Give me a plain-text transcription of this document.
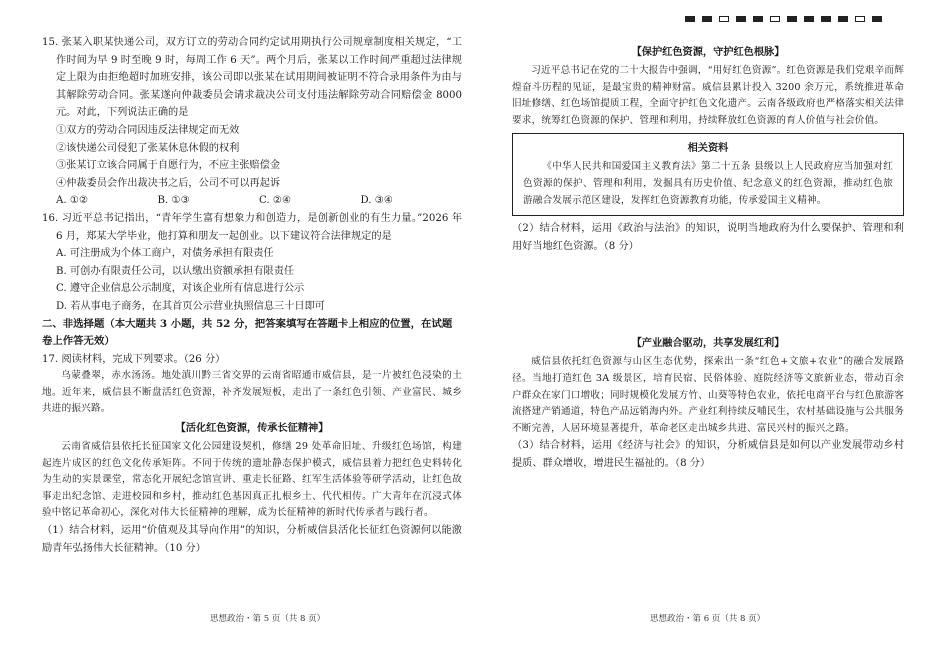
15. 张某入职某快递公司，双方订立的劳动合同约定试用期执行公司规章制度相关规定，“工作时间为早 9 时至晚 9 时，每周工作 6 天”。两个月后，张某以工作时间严重超过法律规定上限为由拒绝超时加班安排，该公司即以张某在试用期间被证明不符合录用条件为由与其解除劳动合同。张某遂向仲裁委员会请求裁决公司支付违法解除劳动合同赔偿金 8000 元。对此，下列说法正确的是

①双方的劳动合同因违反法律规定而无效

②该快递公司侵犯了张某休息休假的权利

③张某订立该合同属于自愿行为，不应主张赔偿金

④仲裁委员会作出裁决书之后，公司不可以再起诉

A. ①②	B. ①③	C. ②④	D. ③④

16. 习近平总书记指出，“青年学生富有想象力和创造力，是创新创业的有生力量。”2026 年 6 月，郑某大学毕业，他打算和朋友一起创业。以下建议符合法律规定的是

A. 可注册成为个体工商户，对债务承担有限责任

B. 可创办有限责任公司，以认缴出资额承担有限责任

C. 遵守企业信息公示制度，对该企业所有信息进行公示

D. 若从事电子商务，在其首页公示营业执照信息三十日即可

二、非选择题（本大题共 3 小题，共 52 分，把答案填写在答题卡上相应的位置，在试题卷上作答无效）

17. 阅读材料，完成下列要求。（26 分）

乌蒙叠翠，赤水汤汤。地处滇川黔三省交界的云南省昭通市威信县，是一片被红色浸染的土地。近年来，威信县不断盘活红色资源，补齐发展短板，走出了一条红色引领、产业富民、城乡共进的振兴路。

【活化红色资源，传承长征精神】

云南省威信县依托长征国家文化公园建设契机，修缮 29 处革命旧址、升级红色场馆，构建起连片成区的红色文化传承矩阵。不同于传统的遗址静态保护模式，威信县着力把红色史料转化为生动的实景课堂，常态化开展纪念馆宣讲、重走长征路、红军生活体验等研学活动，让红色故事走出纪念馆、走进校园和乡村，推动红色基因真正扎根乡土、代代相传。广大青年在沉浸式体验中铭记革命初心，深化对伟大长征精神的理解，成为长征精神的新时代传承者与践行者。

（1）结合材料，运用“价值观及其导向作用”的知识，分析威信县活化长征红色资源何以能激励青年弘扬伟大长征精神。（10 分）

思想政治・第 5 页（共 8 页）

【保护红色资源，守护红色根脉】

习近平总书记在党的二十大报告中强调，“用好红色资源”。红色资源是我们党艰辛而辉煌奋斗历程的见证，是最宝贵的精神财富。威信县累计投入 3200 余万元，系统推进革命旧址修缮、红色场馆提质工程，全面守护红色文化遗产。云南各级政府也严格落实相关法律要求，统筹红色资源的保护、管理和利用，持续释放红色资源的育人价值与社会价值。

相关资料

《中华人民共和国爱国主义教育法》第二十五条 县级以上人民政府应当加强对红色资源的保护、管理和利用，发掘具有历史价值、纪念意义的红色资源，推动红色旅游融合发展示范区建设，发挥红色资源教育功能，传承爱国主义精神。

（2）结合材料，运用《政治与法治》的知识，说明当地政府为什么要保护、管理和利用好当地红色资源。（8 分）

【产业融合驱动，共享发展红利】

威信县依托红色资源与山区生态优势，探索出一条“红色+文旅+农业”的融合发展路径。当地打造红色 3A 级景区，培育民宿、民俗体验、庭院经济等文旅新业态，带动百余户群众在家门口增收；同时规模化发展方竹、山葵等特色农业，依托电商平台与红色旅游客流搭建产销通道，特色产品远销海内外。产业红利持续反哺民生，农村基础设施与公共服务不断完善，人居环境显著提升，革命老区走出城乡共进、富民兴村的振兴之路。

（3）结合材料，运用《经济与社会》的知识，分析威信县是如何以产业发展带动乡村提质、群众增收，增进民生福祉的。（8 分）

思想政治・第 6 页（共 8 页）
